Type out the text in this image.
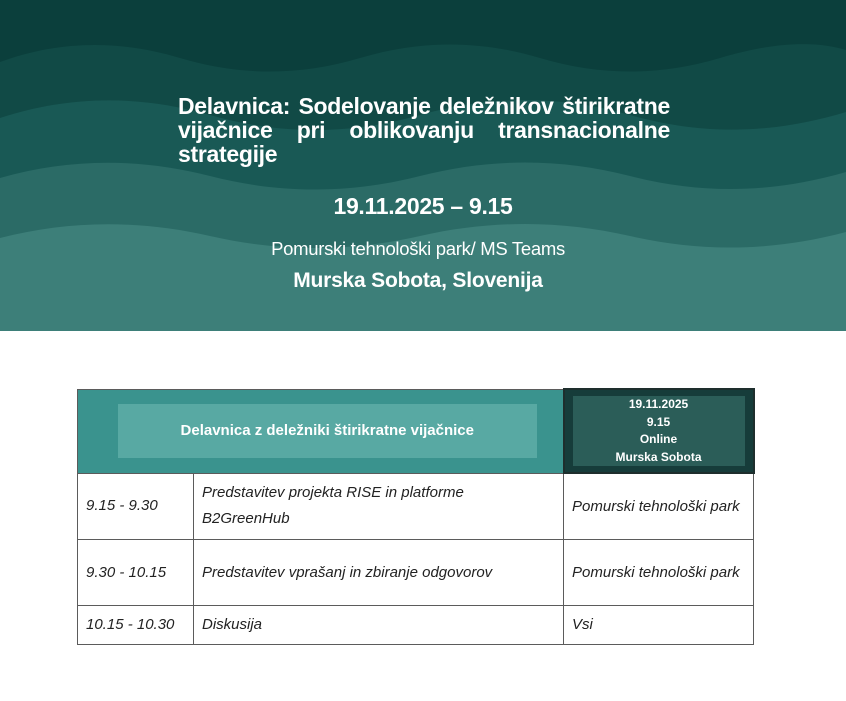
Delavnica: Sodelovanje deležnikov štirikratne vijačnice pri oblikovanju transnacionalne strategije

19.11.2025 – 9.15
Pomurski tehnološki park/ MS Teams
Murska Sobota, Slovenija
Delavnica z deležniki štirikratne vijačnice		19.11.2025
9.15
Online
Murska Sobota

9.15 - 9.30	Predstavitev projekta RISE in platforme B2GreenHub	Pomurski tehnološki park
9.30 - 10.15	Predstavitev vprašanj in zbiranje odgovorov	Pomurski tehnološki park
10.15 - 10.30	Diskusija	Vsi
